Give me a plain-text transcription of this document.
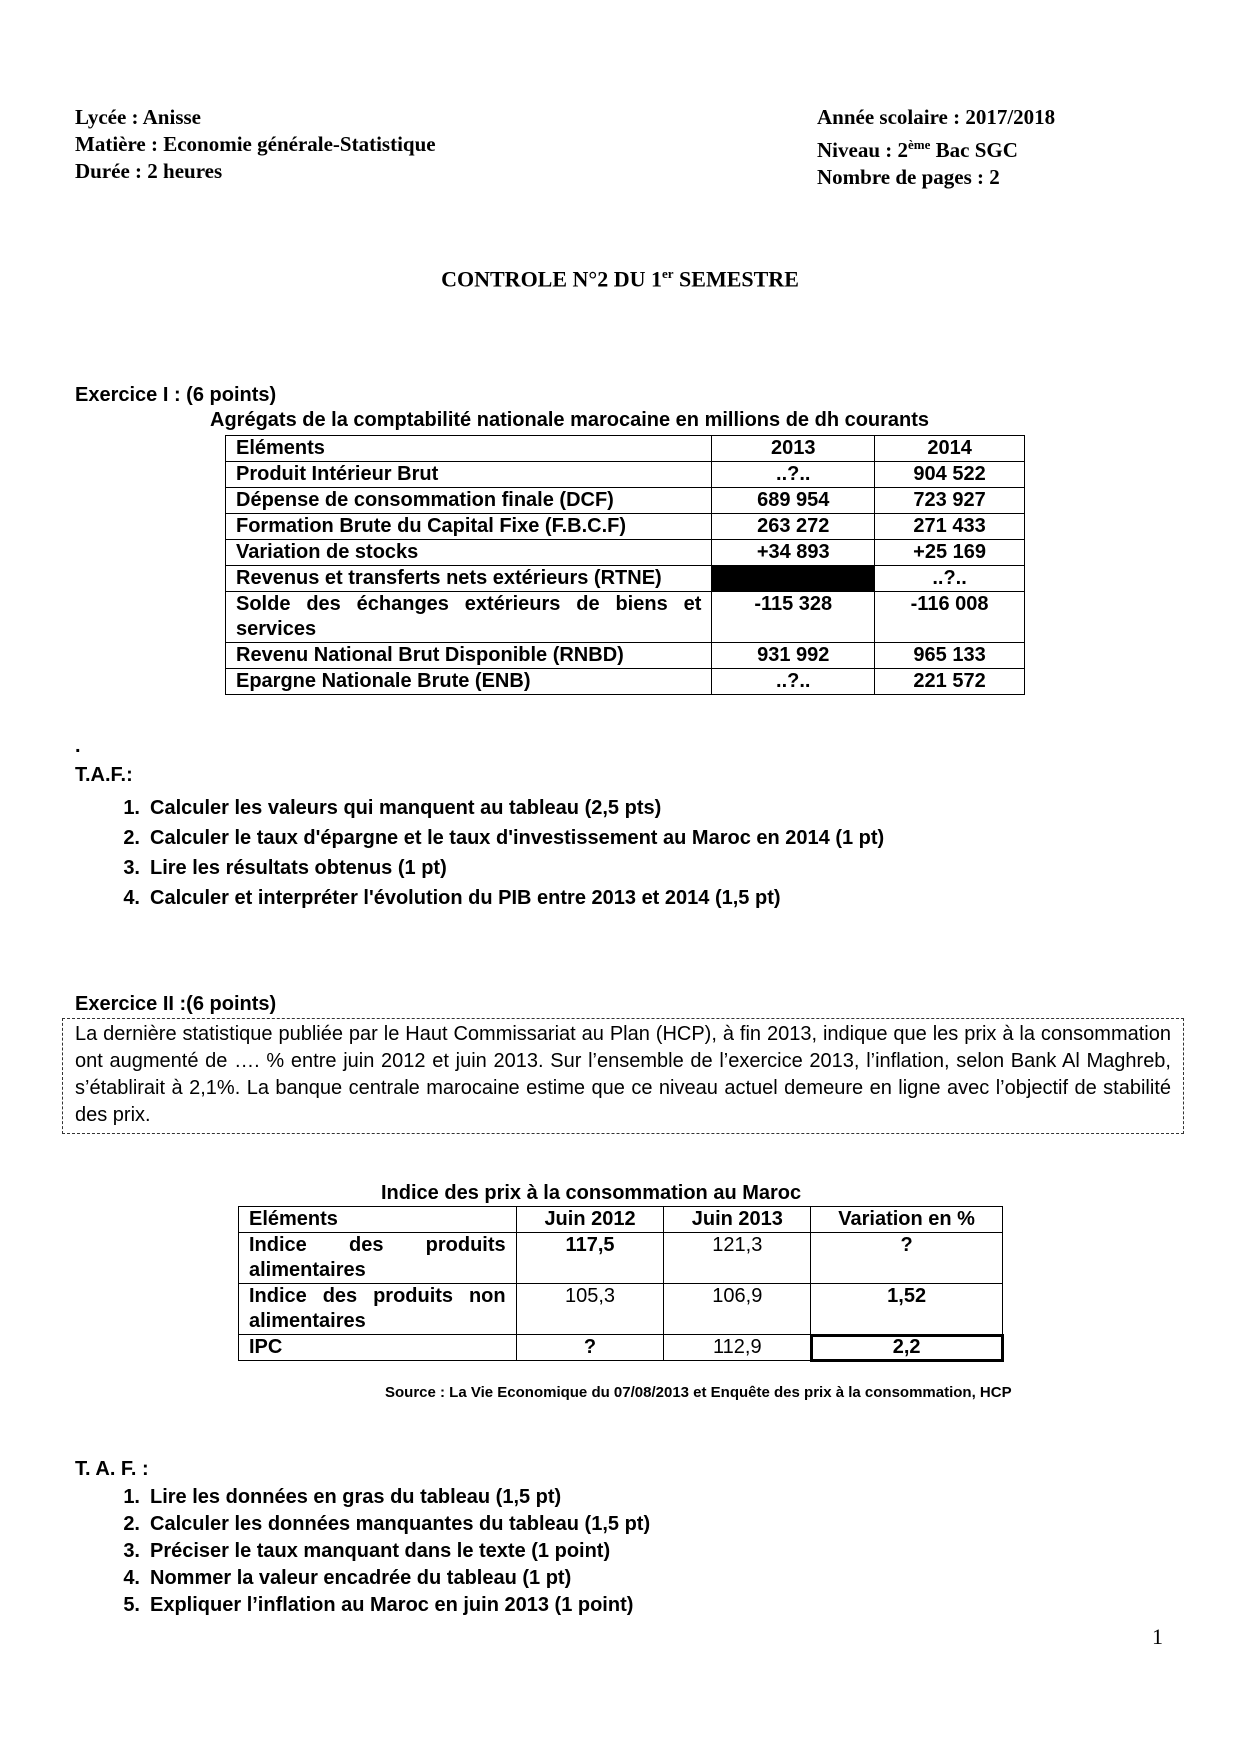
Lycée : Anisse
Matière : Economie générale-Statistique
Durée : 2 heures
Année scolaire : 2017/2018
Niveau : 2ème Bac SGC
Nombre de pages : 2
CONTROLE N°2 DU 1er SEMESTRE
Exercice I : (6 points)
Agrégats de la comptabilité nationale marocaine en millions de dh courants
Eléments	2013	2014
Produit Intérieur Brut	..?..	904 522
Dépense de consommation finale (DCF)	689 954	723 927
Formation Brute du Capital Fixe (F.B.C.F)	263 272	271 433
Variation de stocks	+34 893	+25 169
Revenus et transferts nets extérieurs (RTNE)		..?..
Solde des échanges extérieurs de biens et services	-115 328	-116 008
Revenu National Brut Disponible (RNBD)	931 992	965 133
Epargne Nationale Brute (ENB)	..?..	221 572
.
T.A.F.:
1. Calculer les valeurs qui manquent au tableau (2,5 pts)
2. Calculer le taux d'épargne et le taux d'investissement au Maroc en 2014 (1 pt)
3. Lire les résultats obtenus (1 pt)
4. Calculer et interpréter l'évolution du PIB entre 2013 et 2014 (1,5 pt)
Exercice II :(6 points)
La dernière statistique publiée par le Haut Commissariat au Plan (HCP), à fin 2013, indique que les prix à la consommation ont augmenté de …. % entre juin 2012 et juin 2013. Sur l’ensemble de l’exercice 2013, l’inflation, selon Bank Al Maghreb, s’établirait à 2,1%. La banque centrale marocaine estime que ce niveau actuel demeure en ligne avec l’objectif de stabilité des prix.
Indice des prix à la consommation au Maroc
Eléments	Juin 2012	Juin 2013	Variation en %
Indice des produits alimentaires	117,5	121,3	?
Indice des produits non alimentaires	105,3	106,9	1,52
IPC	?	112,9	2,2
Source : La Vie Economique du 07/08/2013 et Enquête des prix à la consommation, HCP
T. A. F. :
1. Lire les données en gras du tableau (1,5 pt)
2. Calculer les données manquantes du tableau (1,5 pt)
3. Préciser le taux manquant dans le texte (1 point)
4. Nommer la valeur encadrée du tableau (1 pt)
5. Expliquer l’inflation au Maroc en juin 2013 (1 point)
1
